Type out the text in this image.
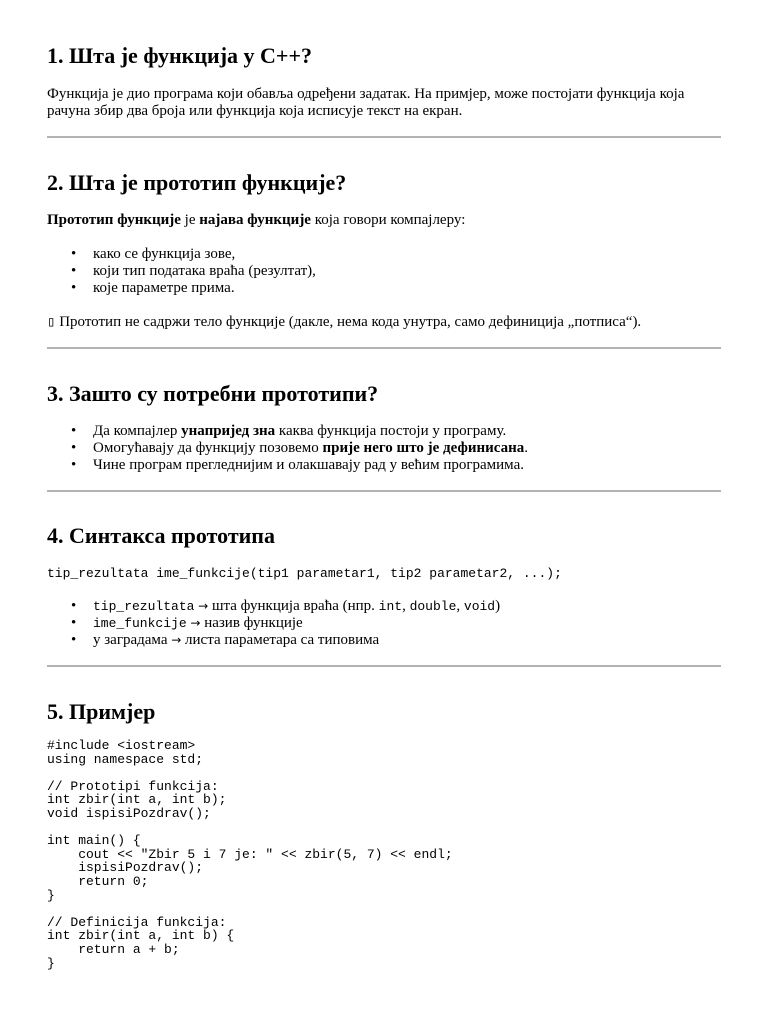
1. Шта је функција у C++?

Функција је дио програма који обавља одређени задатак. На примјер, може постојати функција која рачуна збир два броја или функција која исписује текст на екран.

2. Шта је прототип функције?

Прототип функције је најава функције која говори компајлеру:

• како се функција зове,
• који тип података враћа (резултат),
• које параметре прима.

▯ Прототип не садржи тело функције (дакле, нема кода унутра, само дефиниција „потписа“).

3. Зашто су потребни прототипи?
• Да компајлер унапријед зна каква функција постоји у програму.
• Омогућавају да функцију позовемо прије него што је дефинисана.
• Чине програм прегледнијим и олакшавају рад у већим програмима.
4. Синтакса прототипа

tip_rezultata ime_funkcije(tip1 parametar1, tip2 parametar2, ...);

• tip_rezultata → шта функција враћа (нпр. int, double, void)
• ime_funkcije → назив функције
• у заградама → листа параметара са типовима
5. Примјер
#include <iostream>
using namespace std;

// Prototipi funkcija:
int zbir(int a, int b);
void ispisiPozdrav();

int main() {
cout << "Zbir 5 i 7 je: " << zbir(5, 7) << endl;
ispisiPozdrav();
return 0;
}

// Definicija funkcija:
int zbir(int a, int b) {
return a + b;
}
